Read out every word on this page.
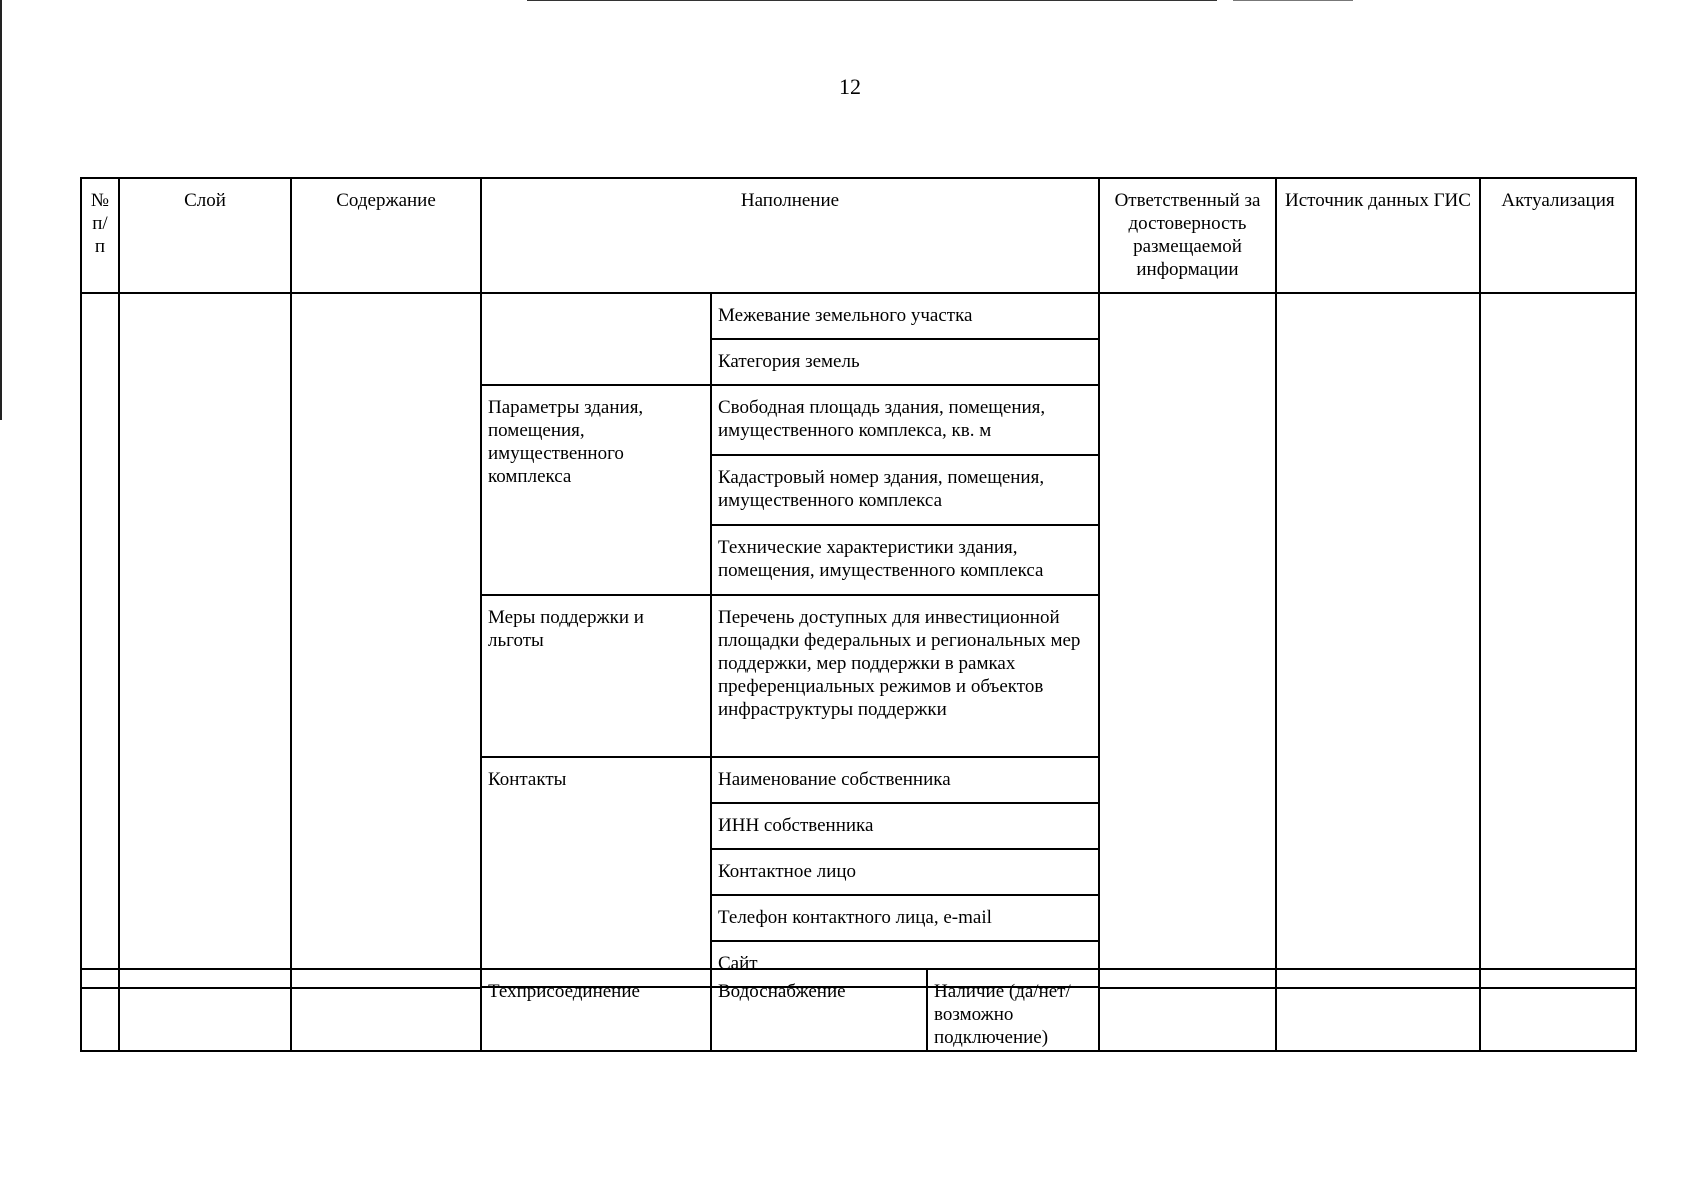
12
№ п/ п	Слой	Содержание	Наполнение		Ответственный за достоверность размещаемой информации	Источник данных ГИС	Актуализация
				Межевание земельного участка			
				Категория земель			
			Параметры здания, помещения, имущественного комплекса	Свободная площадь здания, помещения, имущественного комплекса, кв. м			
				Кадастровый номер здания, помещения, имущественного комплекса			
				Технические характеристики здания, помещения, имущественного комплекса			
			Меры поддержки и льготы	Перечень доступных для инвестиционной площадки федеральных и региональных мер поддержки, мер поддержки в рамках преференциальных режимов и объектов инфраструктуры поддержки			
			Контакты	Наименование собственника			
				ИНН собственника			
				Контактное лицо			
				Телефон контактного лица, e-mail			
				Сайт			

			Техприсоединение	Водоснабжение	Наличие (да/нет/возможно подключение)			
